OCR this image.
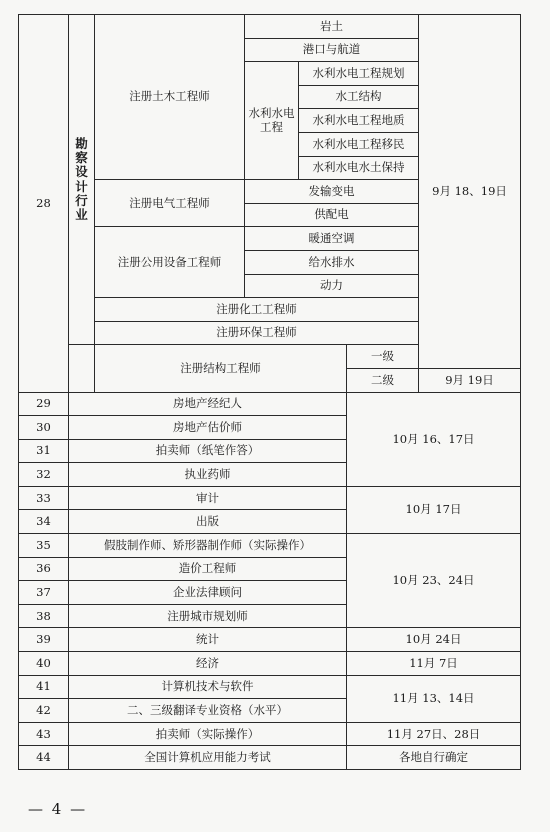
28	勘察设计行业	注册土木工程师	岩土			9月 18、19日
			港口与航道			
			水利水电工程	水利水电工程规划		
				水工结构		
				水利水电工程地质		
				水利水电工程移民		
				水利水电水土保持		
		注册电气工程师	发输变电			
			供配电			
		注册公用设备工程师	暖通空调			
			给水排水			
			动力			
		注册化工工程师				
		注册环保工程师				
		注册结构工程师			一级	
					二级	9月 19日
29	房地产经纪人				10月 16、17日	
30	房地产估价师					
31	拍卖师（纸笔作答）					
32	执业药师					
33	审计				10月 17日	
34	出版					
35	假肢制作师、矫形器制作师（实际操作）				10月 23、24日	
36	造价工程师					
37	企业法律顾问					
38	注册城市规划师					
39	统计				10月 24日	
40	经济				11月 7日	
41	计算机技术与软件				11月 13、14日	
42	二、三级翻译专业资格（水平）					
43	拍卖师（实际操作）				11月 27日、28日	
44	全国计算机应用能力考试				各地自行确定	
— 4 —
